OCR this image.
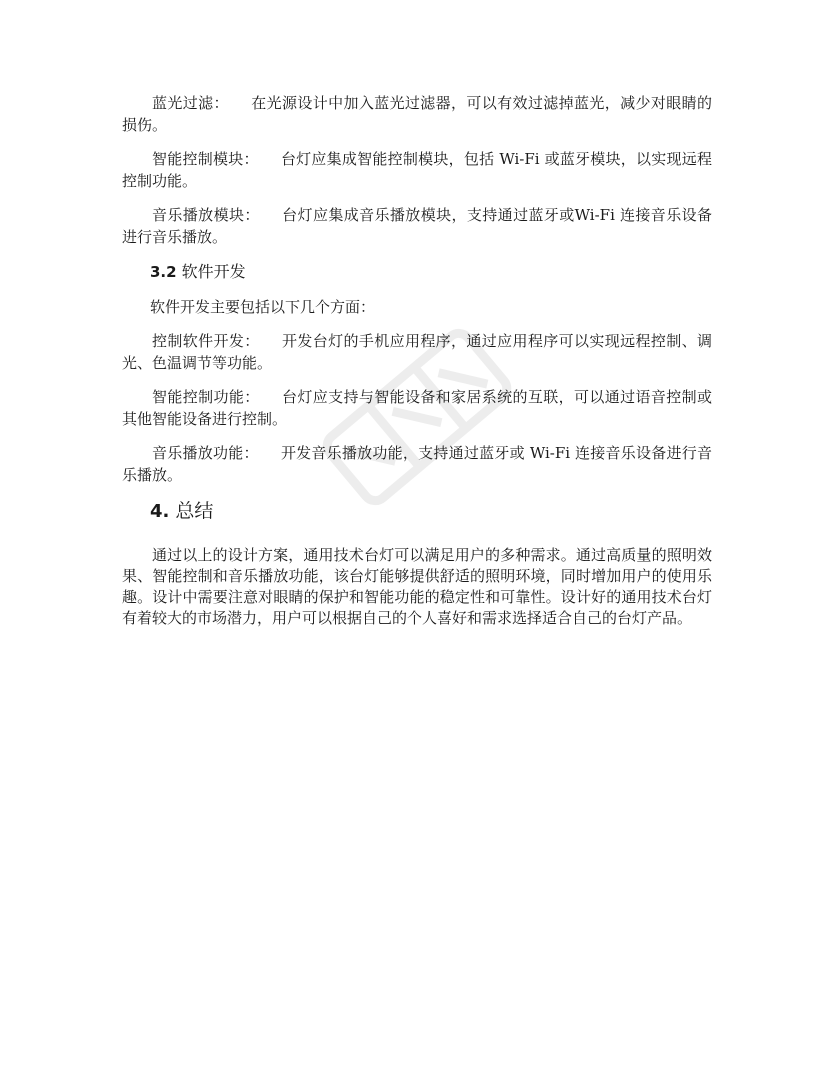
蓝光过滤： 在光源设计中加入蓝光过滤器，可以有效过滤掉蓝光，减少对眼睛的损伤。

智能控制模块： 台灯应集成智能控制模块，包括 Wi-Fi 或蓝牙模块，以实现远程控制功能。

音乐播放模块： 台灯应集成音乐播放模块，支持通过蓝牙或Wi-Fi 连接音乐设备进行音乐播放。

3.2 软件开发

软件开发主要包括以下几个方面：

控制软件开发： 开发台灯的手机应用程序，通过应用程序可以实现远程控制、调光、色温调节等功能。

智能控制功能： 台灯应支持与智能设备和家居系统的互联，可以通过语音控制或其他智能设备进行控制。

音乐播放功能： 开发音乐播放功能，支持通过蓝牙或 Wi-Fi 连接音乐设备进行音乐播放。

4. 总结

通过以上的设计方案，通用技术台灯可以满足用户的多种需求。通过高质量的照明效果、智能控制和音乐播放功能，该台灯能够提供舒适的照明环境，同时增加用户的使用乐趣。设计中需要注意对眼睛的保护和智能功能的稳定性和可靠性。设计好的通用技术台灯有着较大的市场潜力，用户可以根据自己的个人喜好和需求选择适合自己的台灯产品。
